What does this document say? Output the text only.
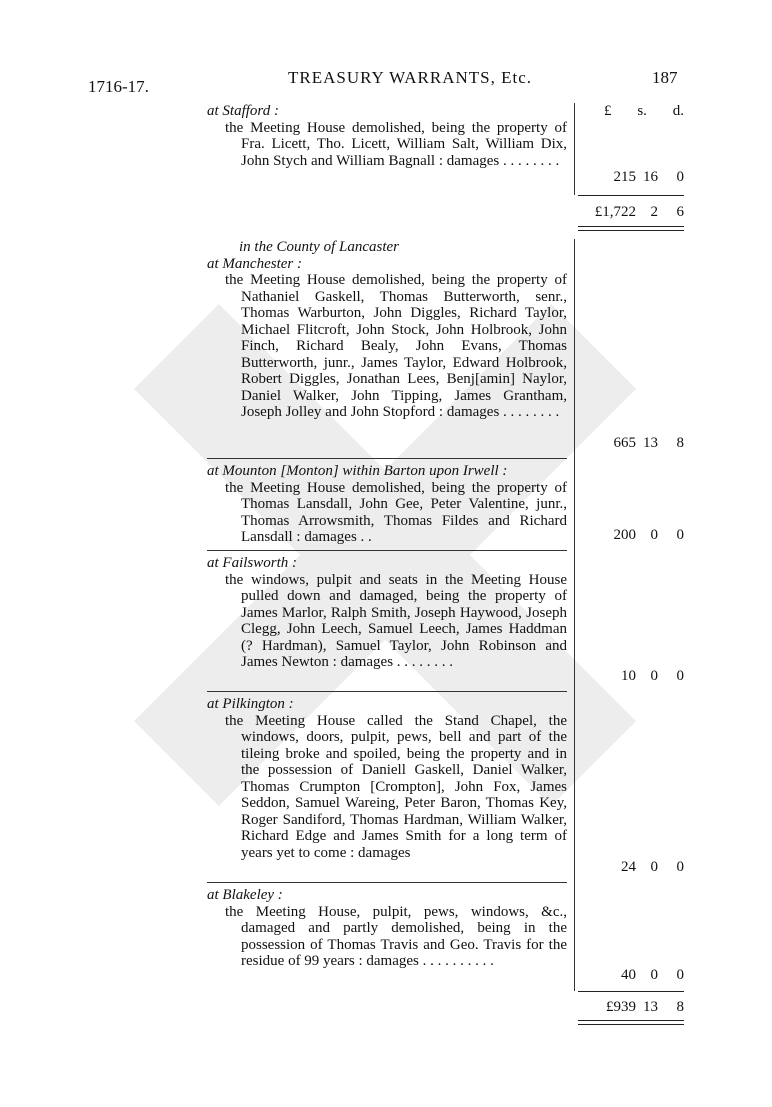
1716-17.	TREASURY WARRANTS, Etc.	187
£ s. d.
at Stafford :
the Meeting House demolished, being the property of Fra. Licett, Tho. Licett, William Salt, William Dix, John Stych and William Bagnall : damages . . . . . . . .
215 16	0
£1,722 2	6
in the County of Lancaster
at Manchester :
the Meeting House demolished, being the property of Nathaniel Gaskell, Thomas Butterworth, senr., Thomas Warburton, John Diggles, Richard Taylor, Michael Flitcroft, John Stock, John Holbrook, John Finch, Richard Bealy, John Evans, Thomas Butterworth, junr., James Taylor, Edward Holbrook, Robert Diggles, Jonathan Lees, Benj[amin] Naylor, Daniel Walker, John Tipping, James Grantham, Joseph Jolley and John Stopford : damages . . . . . . . .
665 13	8
at Mounton [Monton] within Barton upon Irwell :
the Meeting House demolished, being the property of Thomas Lansdall, John Gee, Peter Valentine, junr., Thomas Arrowsmith, Thomas Fildes and Richard Lansdall : damages . .	200 0	0
at Failsworth :
the windows, pulpit and seats in the Meeting House pulled down and damaged, being the property of James Marlor, Ralph Smith, Joseph Haywood, Joseph Clegg, John Leech, Samuel Leech, James Haddman (? Hardman), Samuel Taylor, John Robinson and James Newton : damages . . . . . . . .
10 0	0
at Pilkington :
the Meeting House called the Stand Chapel, the windows, doors, pulpit, pews, bell and part of the tileing broke and spoiled, being the property and in the possession of Daniell Gaskell, Daniel Walker, Thomas Crumpton [Crompton], John Fox, James Seddon, Samuel Wareing, Peter Baron, Thomas Key, Roger Sandiford, Thomas Hardman, William Walker, Richard Edge and James Smith for a long term of years yet to come : damages
24 0	0
at Blakeley :
the Meeting House, pulpit, pews, windows, &c., damaged and partly demolished, being in the possession of Thomas Travis and Geo. Travis for the residue of 99 years : damages . . . . . . . . . .
40 0	0
£939 13	8
